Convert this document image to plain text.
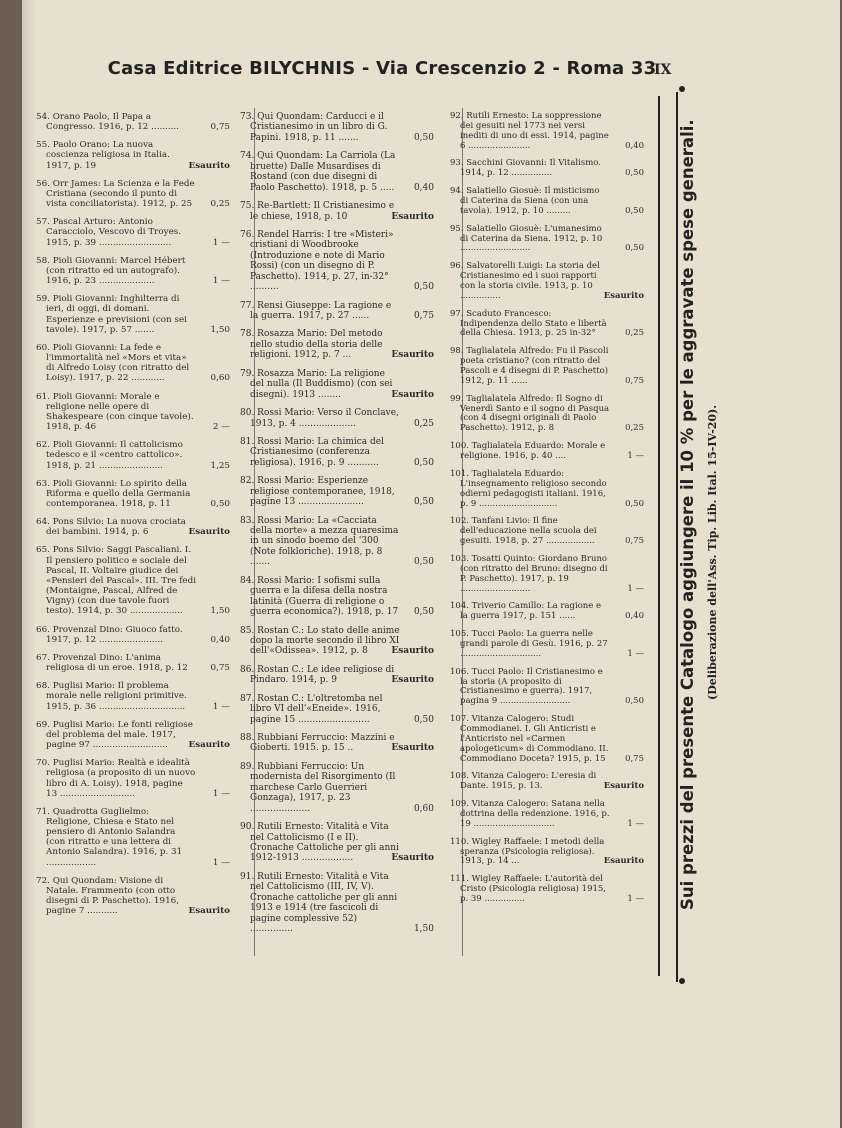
Casa Editrice BILYCHNIS - Via Crescenzio 2 - Roma 33
IX
54. Orano Paolo, Il Papa a Congresso. 1916, p. 12 ..........	0,75
55. Paolo Orano: La nuova coscienza religiosa in Italia. 1917, p. 19	Esaurito
56. Orr James: La Scienza e la Fede Cristiana (secondo il punto di vista conciliatorista). 1912, p. 25	0,25
57. Pascal Arturo: Antonio Caracciolo, Vescovo di Troyes. 1915, p. 39 ..........................	1 —
58. Pioli Giovanni: Marcel Hébert (con ritratto ed un autografo). 1916, p. 23 ....................	1 —
59. Pioli Giovanni: Inghilterra di ieri, di oggi, di domani. Esperienze e previsioni (con sei tavole). 1917, p. 57 .......	1,50
60. Pioli Giovanni: La fede e l'immortalità nel «Mors et vita» di Alfredo Loisy (con ritratto del Loisy). 1917, p. 22 ............	0,60
61. Pioli Giovanni: Morale e religione nelle opere di Shakespeare (con cinque tavole). 1918, p. 46	2 —
62. Pioli Giovanni: Il cattolicismo tedesco e il «centro cattolico». 1918, p. 21 .......................	1,25
63. Pioli Giovanni: Lo spirito della Riforma e quello della Germania contemporanea. 1918, p. 11	0,50
64. Pons Silvio: La nuova crociata dei bambini. 1914, p. 6	Esaurito
65. Pons Silvio: Saggi Pascaliani. I. Il pensiero politico e sociale del Pascal, II. Voltaire giudice dei «Pensieri del Pascal». III. Tre fedi (Montaigne, Pascal, Alfred de Vigny) (con due tavole fuori testo). 1914, p. 30 ...................	1,50
66. Provenzal Dino: Giuoco fatto. 1917, p. 12 .......................	0,40
67. Provenzal Dino: L'anima religiosa di un eroe. 1918, p. 12	0,75
68. Puglisi Mario: Il problema morale nelle religioni primitive. 1915, p. 36 ...............................	1 —
69. Puglisi Mario: Le fonti religiose del problema del male. 1917, pagine 97 ...........................	Esaurito
70. Puglisi Mario: Realtà e idealità religiosa (a proposito di un nuovo libro di A. Loisy). 1918, pagine 13 ...........................	1 —
71. Quadrotta Guglielmo: Religione, Chiesa e Stato nel pensiero di Antonio Salandra (con ritratto e una lettera di Antonio Salandra). 1916, p. 31 ..................	1 —
72. Qui Quondam: Visione di Natale. Frammento (con otto disegni di P. Paschetto). 1916, pagine 7 ...........	Esaurito
73. Qui Quondam: Carducci e il Cristianesimo in un libro di G. Papini. 1918, p. 11 .......	0,50
74. Qui Quondam: La Carriola (La bruette) Dalle Musardises di Rostand (con due disegni di Paolo Paschetto). 1918, p. 5 .....	0,40
75. Re-Bartlett: Il Cristianesimo e le chiese, 1918, p. 10	Esaurito
76. Rendel Harris: I tre «Misteri» cristiani di Woodbrooke (Introduzione e note di Mario Rossi) (con un disegno di P. Paschetto). 1914, p. 27, in-32° ..........	0,50
77. Rensi Giuseppe: La ragione e la guerra. 1917, p. 27 ......	0,75
78. Rosazza Mario: Del metodo nello studio della storia delle religioni. 1912, p. 7 ...	Esaurito
79. Rosazza Mario: La religione del nulla (Il Buddismo) (con sei disegni). 1913 ........	Esaurito
80. Rossi Mario: Verso il Conclave, 1913, p. 4 ....................	0,25
81. Rossi Mario: La chimica del Cristianesimo (conferenza religiosa). 1916, p. 9 ...........	0,50
82. Rossi Mario: Esperienze religiose contemporanee, 1918, pagine 13 .......................	0,50
83. Rossi Mario: La «Cacciata della morte» a mezza quaresima in un sinodo boemo del '300 (Note folkloriche). 1918, p. 8 .......	0,50
84. Rossi Mario: I sofismi sulla guerra e la difesa della nostra latinità (Guerra di religione o guerra economica?). 1918, p. 17	0,50
85. Rostan C.: Lo stato delle anime dopo la morte secondo il libro XI dell'«Odissea». 1912, p. 8	Esaurito
86. Rostan C.: Le idee religiose di Pindaro. 1914, p. 9	Esaurito
87. Rostan C.: L'oltretomba nel libro VI dell'«Eneide». 1916, pagine 15 .........................	0,50
88. Rubbiani Ferruccio: Mazzini e Gioberti. 1915. p. 15 ..	Esaurito
89. Rubbiani Ferruccio: Un modernista del Risorgimento (Il marchese Carlo Guerrieri Gonzaga), 1917, p. 23 .....................	0,60
90. Rutili Ernesto: Vitalità e Vita nel Cattolicismo (I e II). Cronache Cattoliche per gli anni 1912-1913 ..................	Esaurito
91. Rutili Ernesto: Vitalità e Vita nel Cattolicismo (III, IV, V). Cronache cattoliche per gli anni 1913 e 1914 (tre fascicoli di pagine complessive 52) ...............	1,50
92. Rutili Ernesto: La soppressione dei gesuiti nel 1773 nei versi inediti di uno di essi. 1914, pagine 6 .......................	0,40
93. Sacchini Giovanni: Il Vitalismo. 1914, p. 12 ...............	0,50
94. Salatiello Giosuè: Il misticismo di Caterina da Siena (con una tavola). 1912, p. 10 .........	0,50
95. Salatiello Giosuè: L'umanesimo di Caterina da Siena. 1912, p. 10 ..........................	0,50
96. Salvatorelli Luigi: La storia del Cristianesimo ed i suoi rapporti con la storia civile. 1913, p. 10 ...............	Esaurito
97. Scaduto Francesco: Indipendenza dello Stato e libertà della Chiesa. 1913, p. 25 in-32°	0,25
98. Taglialatela Alfredo: Fu il Pascoli poeta cristiano? (con ritratto del Pascoli e 4 disegni di P. Paschetto) 1912, p. 11 ......	0,75
99. Taglialatela Alfredo: Il Sogno di Venerdì Santo e il sogno di Pasqua (con 4 disegni originali di Paolo Paschetto). 1912, p. 8	0,25
100. Taglialatela Eduardo: Morale e religione. 1916, p. 40 ....	1 —
101. Taglialatela Eduardo: L'insegnamento religioso secondo odierni pedagogisti italiani. 1916, p. 9 .............................	0,50
102. Tanfani Livio: Il fine dell'educazione nella scuola dei gesuiti. 1918, p. 27 ..................	0,75
103. Tosatti Quinto: Giordano Bruno (con ritratto del Bruno: disegno di P. Paschetto). 1917, p. 19 ..........................	1 —
104. Triverio Camillo: La ragione e la guerra 1917, p. 151 ......	0,40
105. Tucci Paolo: La guerra nelle grandi parole di Gesù. 1916, p. 27 ..............................	1 —
106. Tucci Paolo: Il Cristianesimo e la storia (A proposito di Cristianesimo e guerra). 1917, pagina 9 ..........................	0,50
107. Vitanza Calogero: Studi Commodianei. I. Gli Anticristi e l'Anticristo nel «Carmen apologeticum» di Commodiano. II. Commodiano Doceta? 1915, p. 15	0,75
108. Vitanza Calogero: L'eresia di Dante. 1915, p. 13.	Esaurito
109. Vitanza Calogero: Satana nella dottrina della redenzione. 1916, p. 19 ..............................	1 —
110. Wigley Raffaele: I metodi della speranza (Psicologia religiosa). 1913, p. 14 ...	Esaurito
111. Wigley Raffaele: L'autorità del Cristo (Psicologia religiosa) 1915, p. 39 ...............	1 — Sui prezzi del presente Catalogo aggiungere il 10 % per le aggravate spese generali. (Deliberazione dell'Ass. Tip. Lib. Ital. 15-IV-20).
